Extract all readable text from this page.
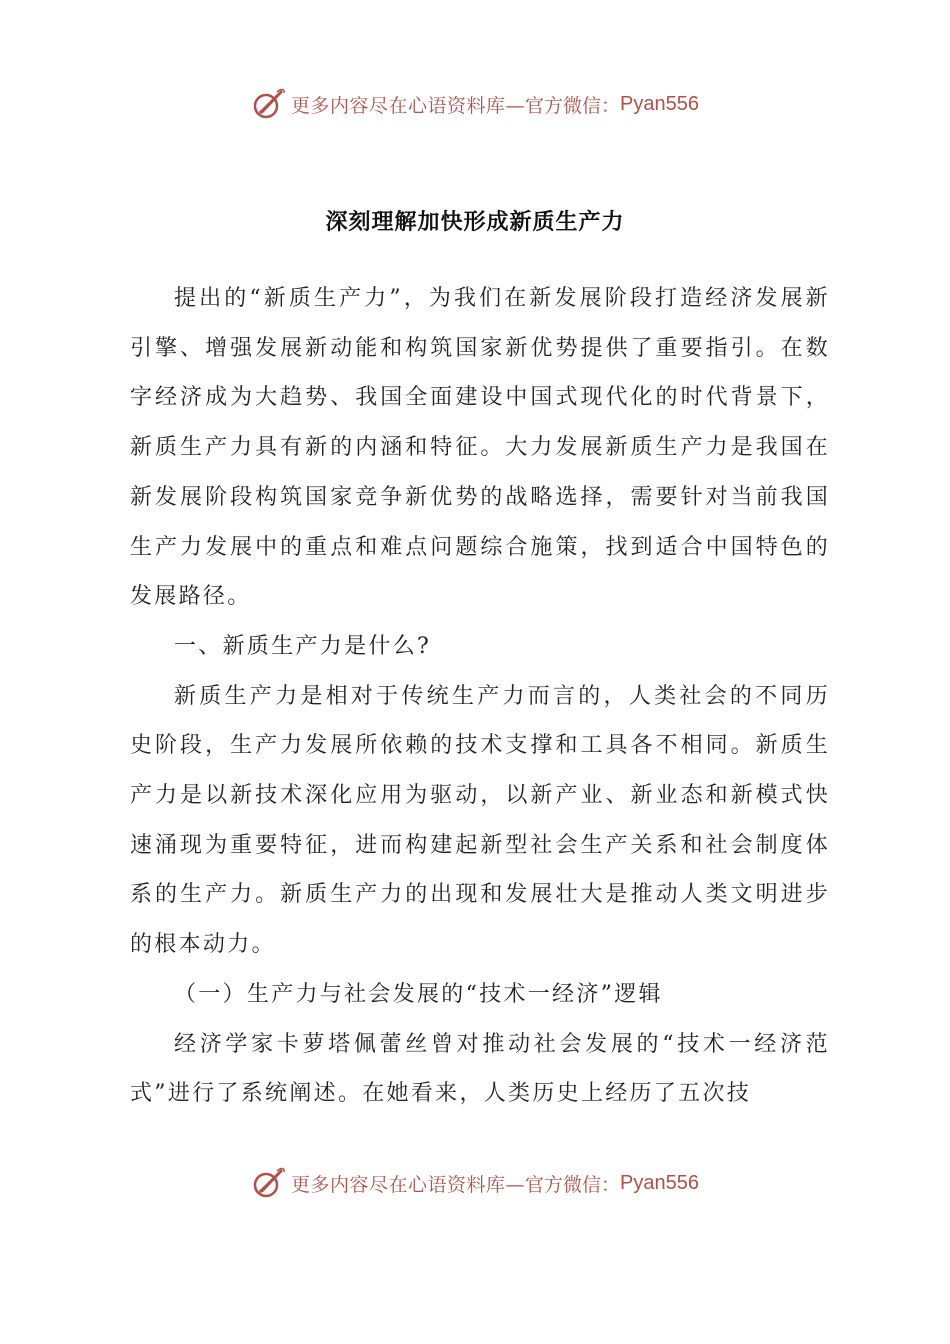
更多内容尽在心语资料库— 官方微信： Pyan556
深刻理解加快形成新质生产力

提出的“新质生产力”，为我们在新发展阶段打造经济发展新引擎、增强发展新动能和构筑国家新优势提供了重要指引。在数字经济成为大趋势、我国全面建设中国式现代化的时代背景下，新质生产力具有新的内涵和特征。大力发展新质生产力是我国在新发展阶段构筑国家竞争新优势的战略选择，需要针对当前我国生产力发展中的重点和难点问题综合施策，找到适合中国特色的发展路径。

一、新质生产力是什么?

新质生产力是相对于传统生产力而言的，人类社会的不同历史阶段，生产力发展所依赖的技术支撑和工具各不相同。新质生产力是以新技术深化应用为驱动，以新产业、新业态和新模式快速涌现为重要特征，进而构建起新型社会生产关系和社会制度体系的生产力。新质生产力的出现和发展壮大是推动人类文明进步的根本动力。

（一）生产力与社会发展的“技术一经济”逻辑

经济学家卡萝塔佩蕾丝曾对推动社会发展的“技术一经济范式”进行了系统阐述。在她看来，人类历史上经历了五次技

更多内容尽在心语资料库— 官方微信： Pyan556
